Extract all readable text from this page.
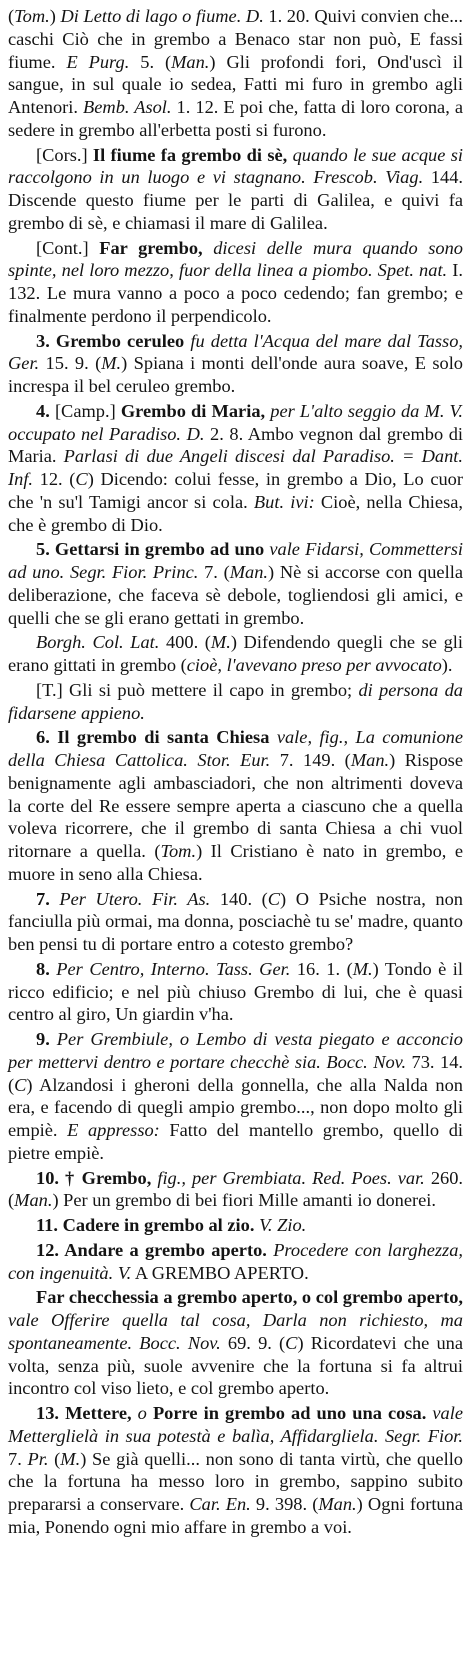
(Tom.) Di Letto di lago o fiume. D. 1. 20. Quivi convien che... caschi Ciò che in grembo a Benaco star non può, E fassi fiume. E Purg. 5. (Man.) Gli profondi fori, Ond'uscì il sangue, in sul quale io sedea, Fatti mi furo in grembo agli Antenori. Bemb. Asol. 1. 12. E poi che, fatta di loro corona, a sedere in grembo all'erbetta posti si furono.

[Cors.] Il fiume fa grembo di sè, quando le sue acque si raccolgono in un luogo e vi stagnano. Frescob. Viag. 144. Discende questo fiume per le parti di Galilea, e quivi fa grembo di sè, e chiamasi il mare di Galilea.

[Cont.] Far grembo, dicesi delle mura quando sono spinte, nel loro mezzo, fuor della linea a piombo. Spet. nat. I. 132. Le mura vanno a poco a poco cedendo; fan grembo; e finalmente perdono il perpendicolo.

3. Grembo ceruleo fu detta l'Acqua del mare dal Tasso, Ger. 15. 9. (M.) Spiana i monti dell'onde aura soave, E solo increspa il bel ceruleo grembo.

4. [Camp.] Grembo di Maria, per L'alto seggio da M. V. occupato nel Paradiso. D. 2. 8. Ambo vegnon dal grembo di Maria. Parlasi di due Angeli discesi dal Paradiso. = Dant. Inf. 12. (C) Dicendo: colui fesse, in grembo a Dio, Lo cuor che 'n su'l Tamigi ancor si cola. But. ivi: Cioè, nella Chiesa, che è grembo di Dio.

5. Gettarsi in grembo ad uno vale Fidarsi, Commettersi ad uno. Segr. Fior. Princ. 7. (Man.) Nè si accorse con quella deliberazione, che faceva sè debole, togliendosi gli amici, e quelli che se gli erano gettati in grembo.

Borgh. Col. Lat. 400. (M.) Difendendo quegli che se gli erano gittati in grembo (cioè, l'avevano preso per avvocato).

[T.] Gli si può mettere il capo in grembo; di persona da fidarsene appieno.

6. Il grembo di santa Chiesa vale, fig., La comunione della Chiesa Cattolica. Stor. Eur. 7. 149. (Man.) Rispose benignamente agli ambasciadori, che non altrimenti doveva la corte del Re essere sempre aperta a ciascuno che a quella voleva ricorrere, che il grembo di santa Chiesa a chi vuol ritornare a quella. (Tom.) Il Cristiano è nato in grembo, e muore in seno alla Chiesa.

7. Per Utero. Fir. As. 140. (C) O Psiche nostra, non fanciulla più ormai, ma donna, posciachè tu se' madre, quanto ben pensi tu di portare entro a cotesto grembo?

8. Per Centro, Interno. Tass. Ger. 16. 1. (M.) Tondo è il ricco edificio; e nel più chiuso Grembo di lui, che è quasi centro al giro, Un giardin v'ha.

9. Per Grembiule, o Lembo di vesta piegato e acconcio per mettervi dentro e portare checchè sia. Bocc. Nov. 73. 14. (C) Alzandosi i gheroni della gonnella, che alla Nalda non era, e facendo di quegli ampio grembo..., non dopo molto gli empiè. E appresso: Fatto del mantello grembo, quello di pietre empiè.

10. † Grembo, fig., per Grembiata. Red. Poes. var. 260. (Man.) Per un grembo di bei fiori Mille amanti io donerei.

11. Cadere in grembo al zio. V. Zio.

12. Andare a grembo aperto. Procedere con larghezza, con ingenuità. V. A GREMBO APERTO.

Far checchessia a grembo aperto, o col grembo aperto, vale Offerire quella tal cosa, Darla non richiesto, ma spontaneamente. Bocc. Nov. 69. 9. (C) Ricordatevi che una volta, senza più, suole avvenire che la fortuna si fa altrui incontro col viso lieto, e col grembo aperto.

13. Mettere, o Porre in grembo ad uno una cosa. vale Metterglielà in sua potestà e balìa, Affidargliela. Segr. Fior. 7. Pr. (M.) Se già quelli... non sono di tanta virtù, che quello che la fortuna ha messo loro in grembo, sappino subito prepararsi a conservare. Car. En. 9. 398. (Man.) Ogni fortuna mia, Ponendo ogni mio affare in grembo a voi.
